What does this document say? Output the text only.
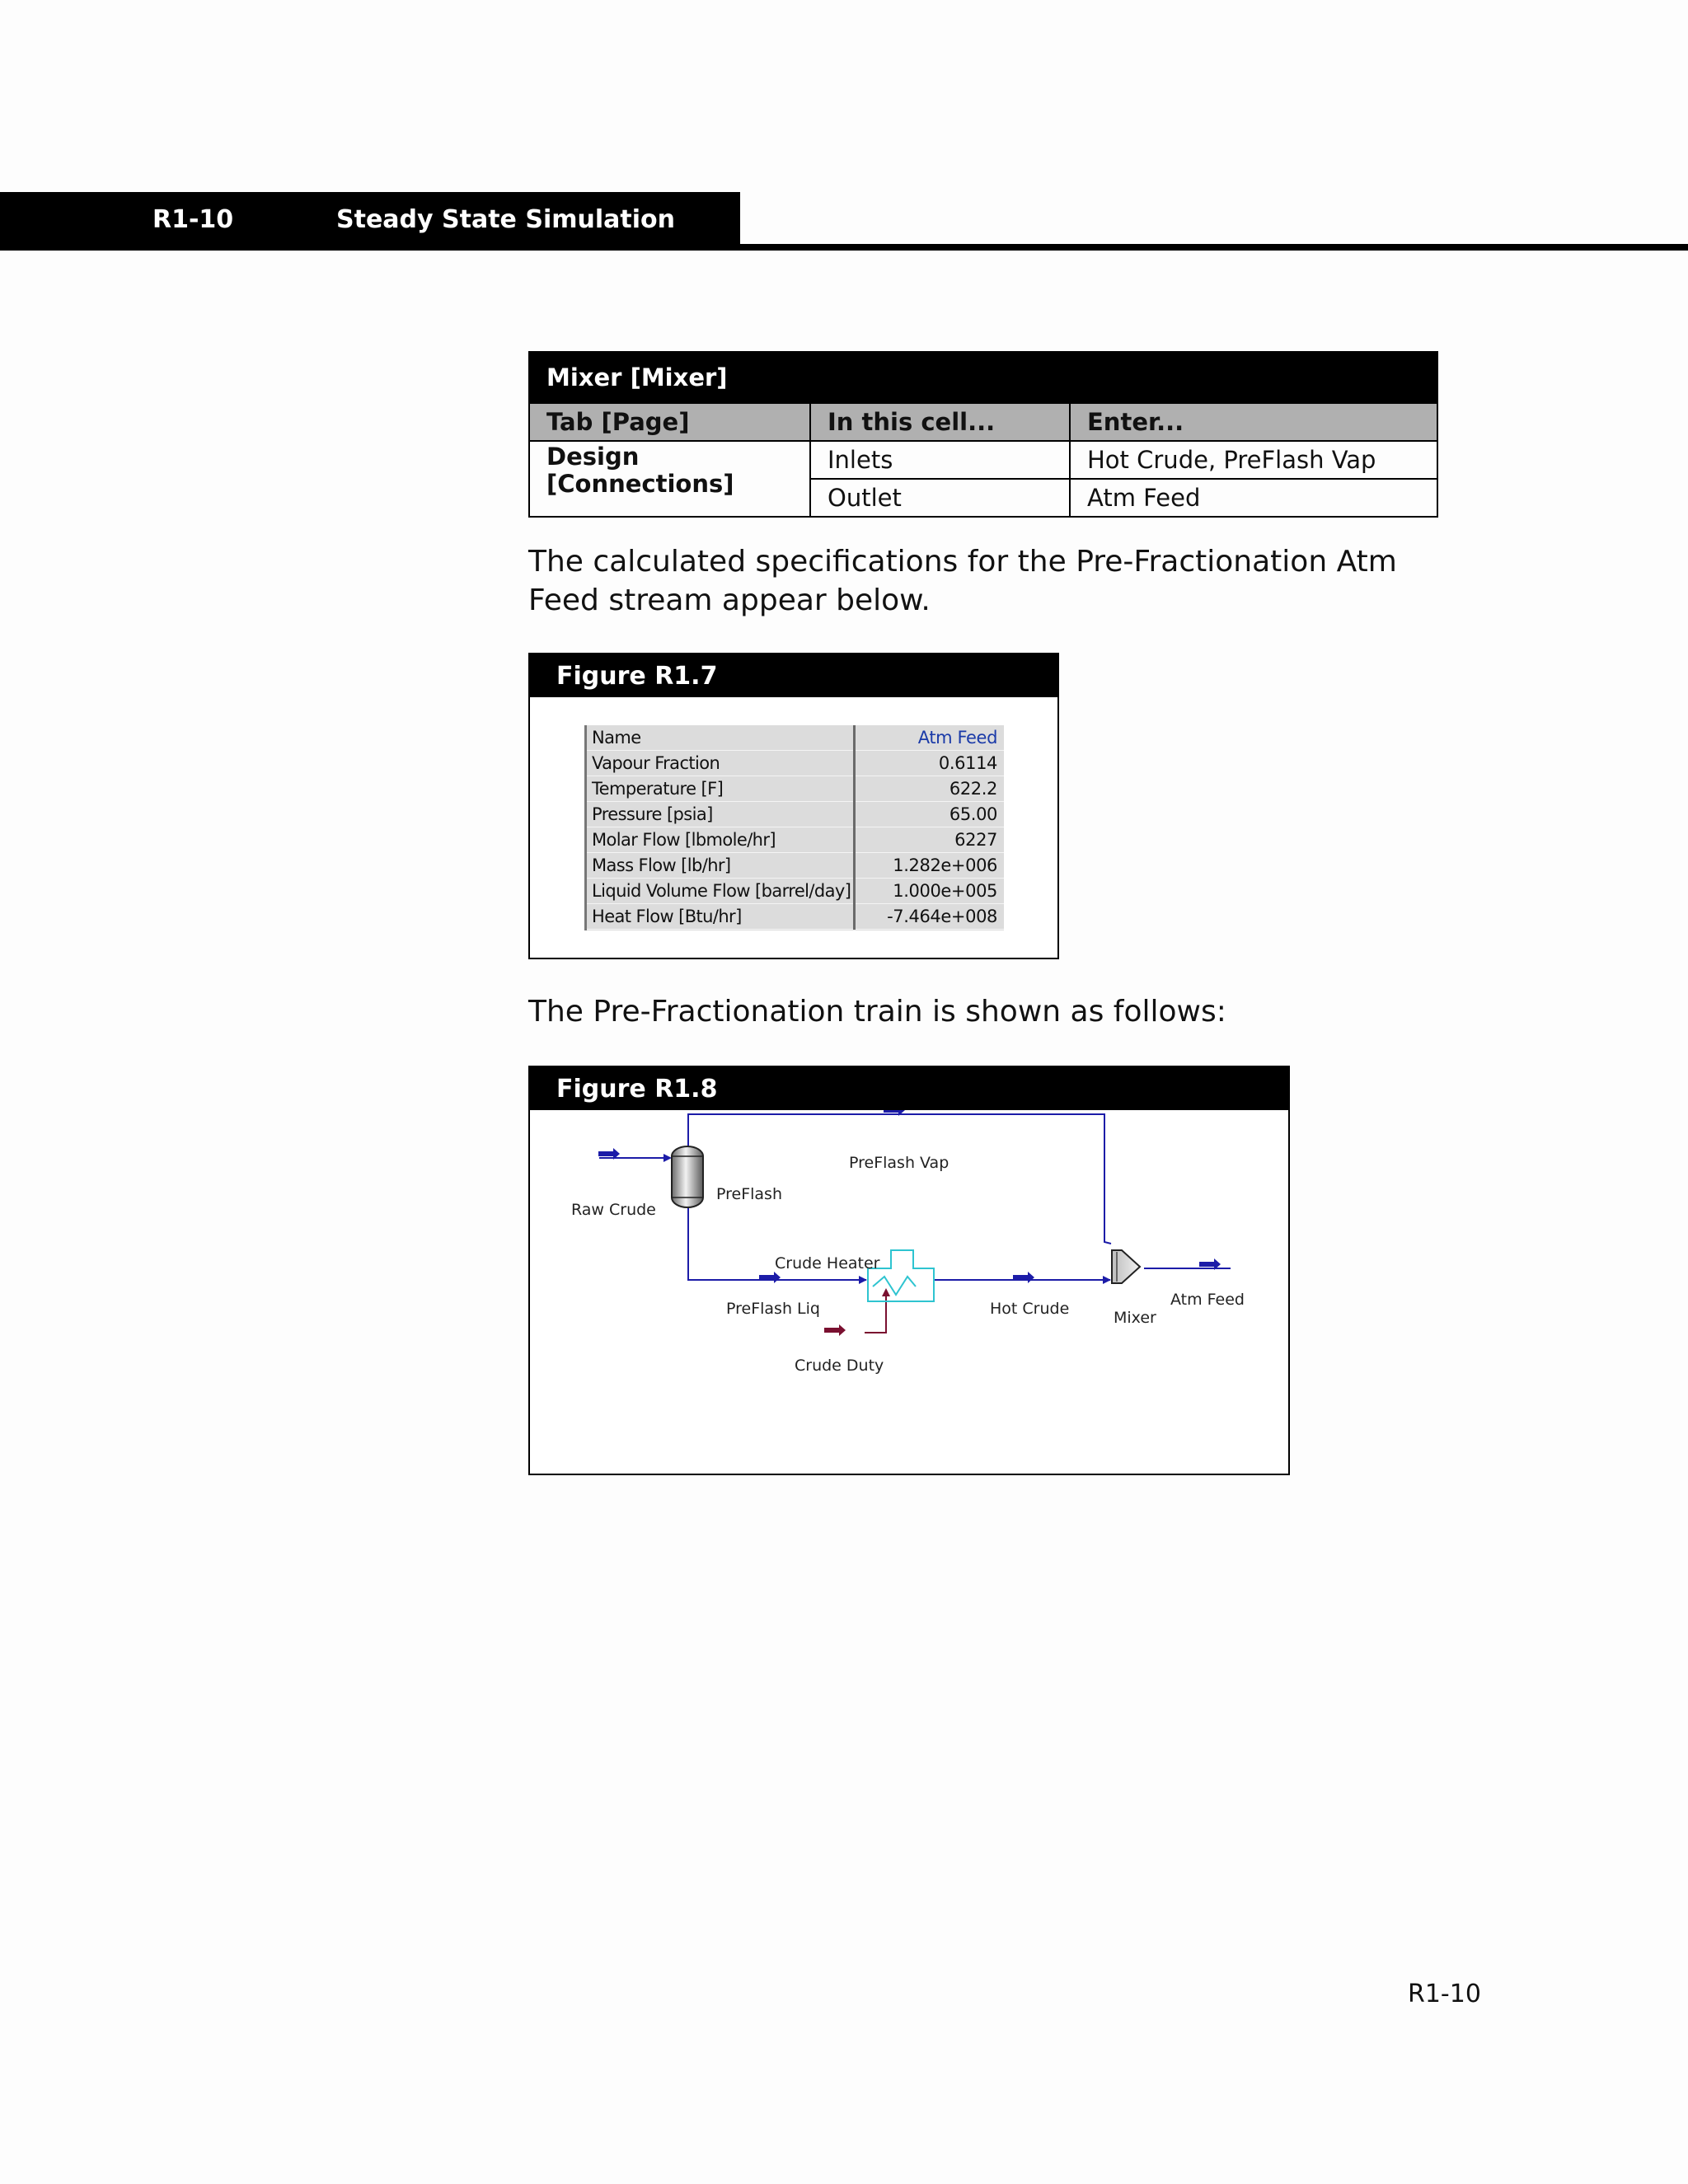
R1-10	Steady State Simulation
Mixer [Mixer]		
Tab [Page]	In this cell...	Enter...
Design
[Connections]	Inlets	Hot Crude, PreFlash Vap
	Outlet	Atm Feed

The calculated specifications for the Pre-Fractionation Atm Feed stream appear below.

Figure R1.7
Name	Atm Feed
Vapour Fraction	0.6114
Temperature [F]	622.2
Pressure [psia]	65.00
Molar Flow [lbmole/hr]	6227
Mass Flow [lb/hr]	1.282e+006
Liquid Volume Flow [barrel/day] 1.000e+005
Heat Flow [Btu/hr]	-7.464e+008

The Pre-Fractionation train is shown as follows:

Figure R1.8
Raw Crude
PreFlash
PreFlash Vap
Crude Heater
PreFlash Liq	Hot Crude
Crude Duty
Mixer
Atm Feed
R1-10
